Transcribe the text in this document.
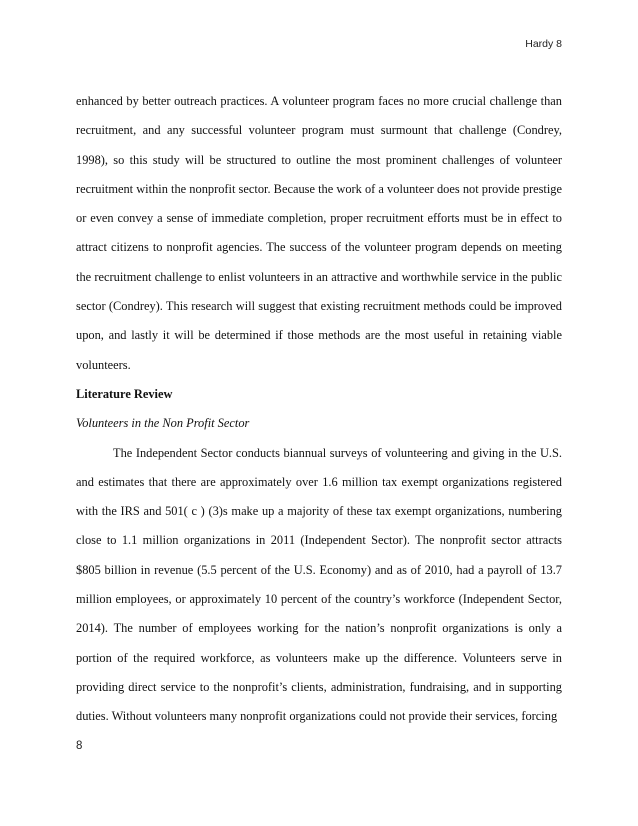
Hardy 8

enhanced by better outreach practices. A volunteer program faces no more crucial challenge than recruitment, and any successful volunteer program must surmount that challenge (Condrey, 1998), so this study will be structured to outline the most prominent challenges of volunteer recruitment within the nonprofit sector. Because the work of a volunteer does not provide prestige or even convey a sense of immediate completion, proper recruitment efforts must be in effect to attract citizens to nonprofit agencies. The success of the volunteer program depends on meeting the recruitment challenge to enlist volunteers in an attractive and worthwhile service in the public sector (Condrey). This research will suggest that existing recruitment methods could be improved upon, and lastly it will be determined if those methods are the most useful in retaining viable volunteers.

Literature Review

Volunteers in the Non Profit Sector

The Independent Sector conducts biannual surveys of volunteering and giving in the U.S. and estimates that there are approximately over 1.6 million tax exempt organizations registered with the IRS and 501( c ) (3)s make up a majority of these tax exempt organizations, numbering close to 1.1 million organizations in 2011 (Independent Sector). The nonprofit sector attracts $805 billion in revenue (5.5 percent of the U.S. Economy) and as of 2010, had a payroll of 13.7 million employees, or approximately 10 percent of the country’s workforce (Independent Sector, 2014). The number of employees working for the nation’s nonprofit organizations is only a portion of the required workforce, as volunteers make up the difference. Volunteers serve in providing direct service to the nonprofit’s clients, administration, fundraising, and in supporting duties. Without volunteers many nonprofit organizations could not provide their services, forcing

8
